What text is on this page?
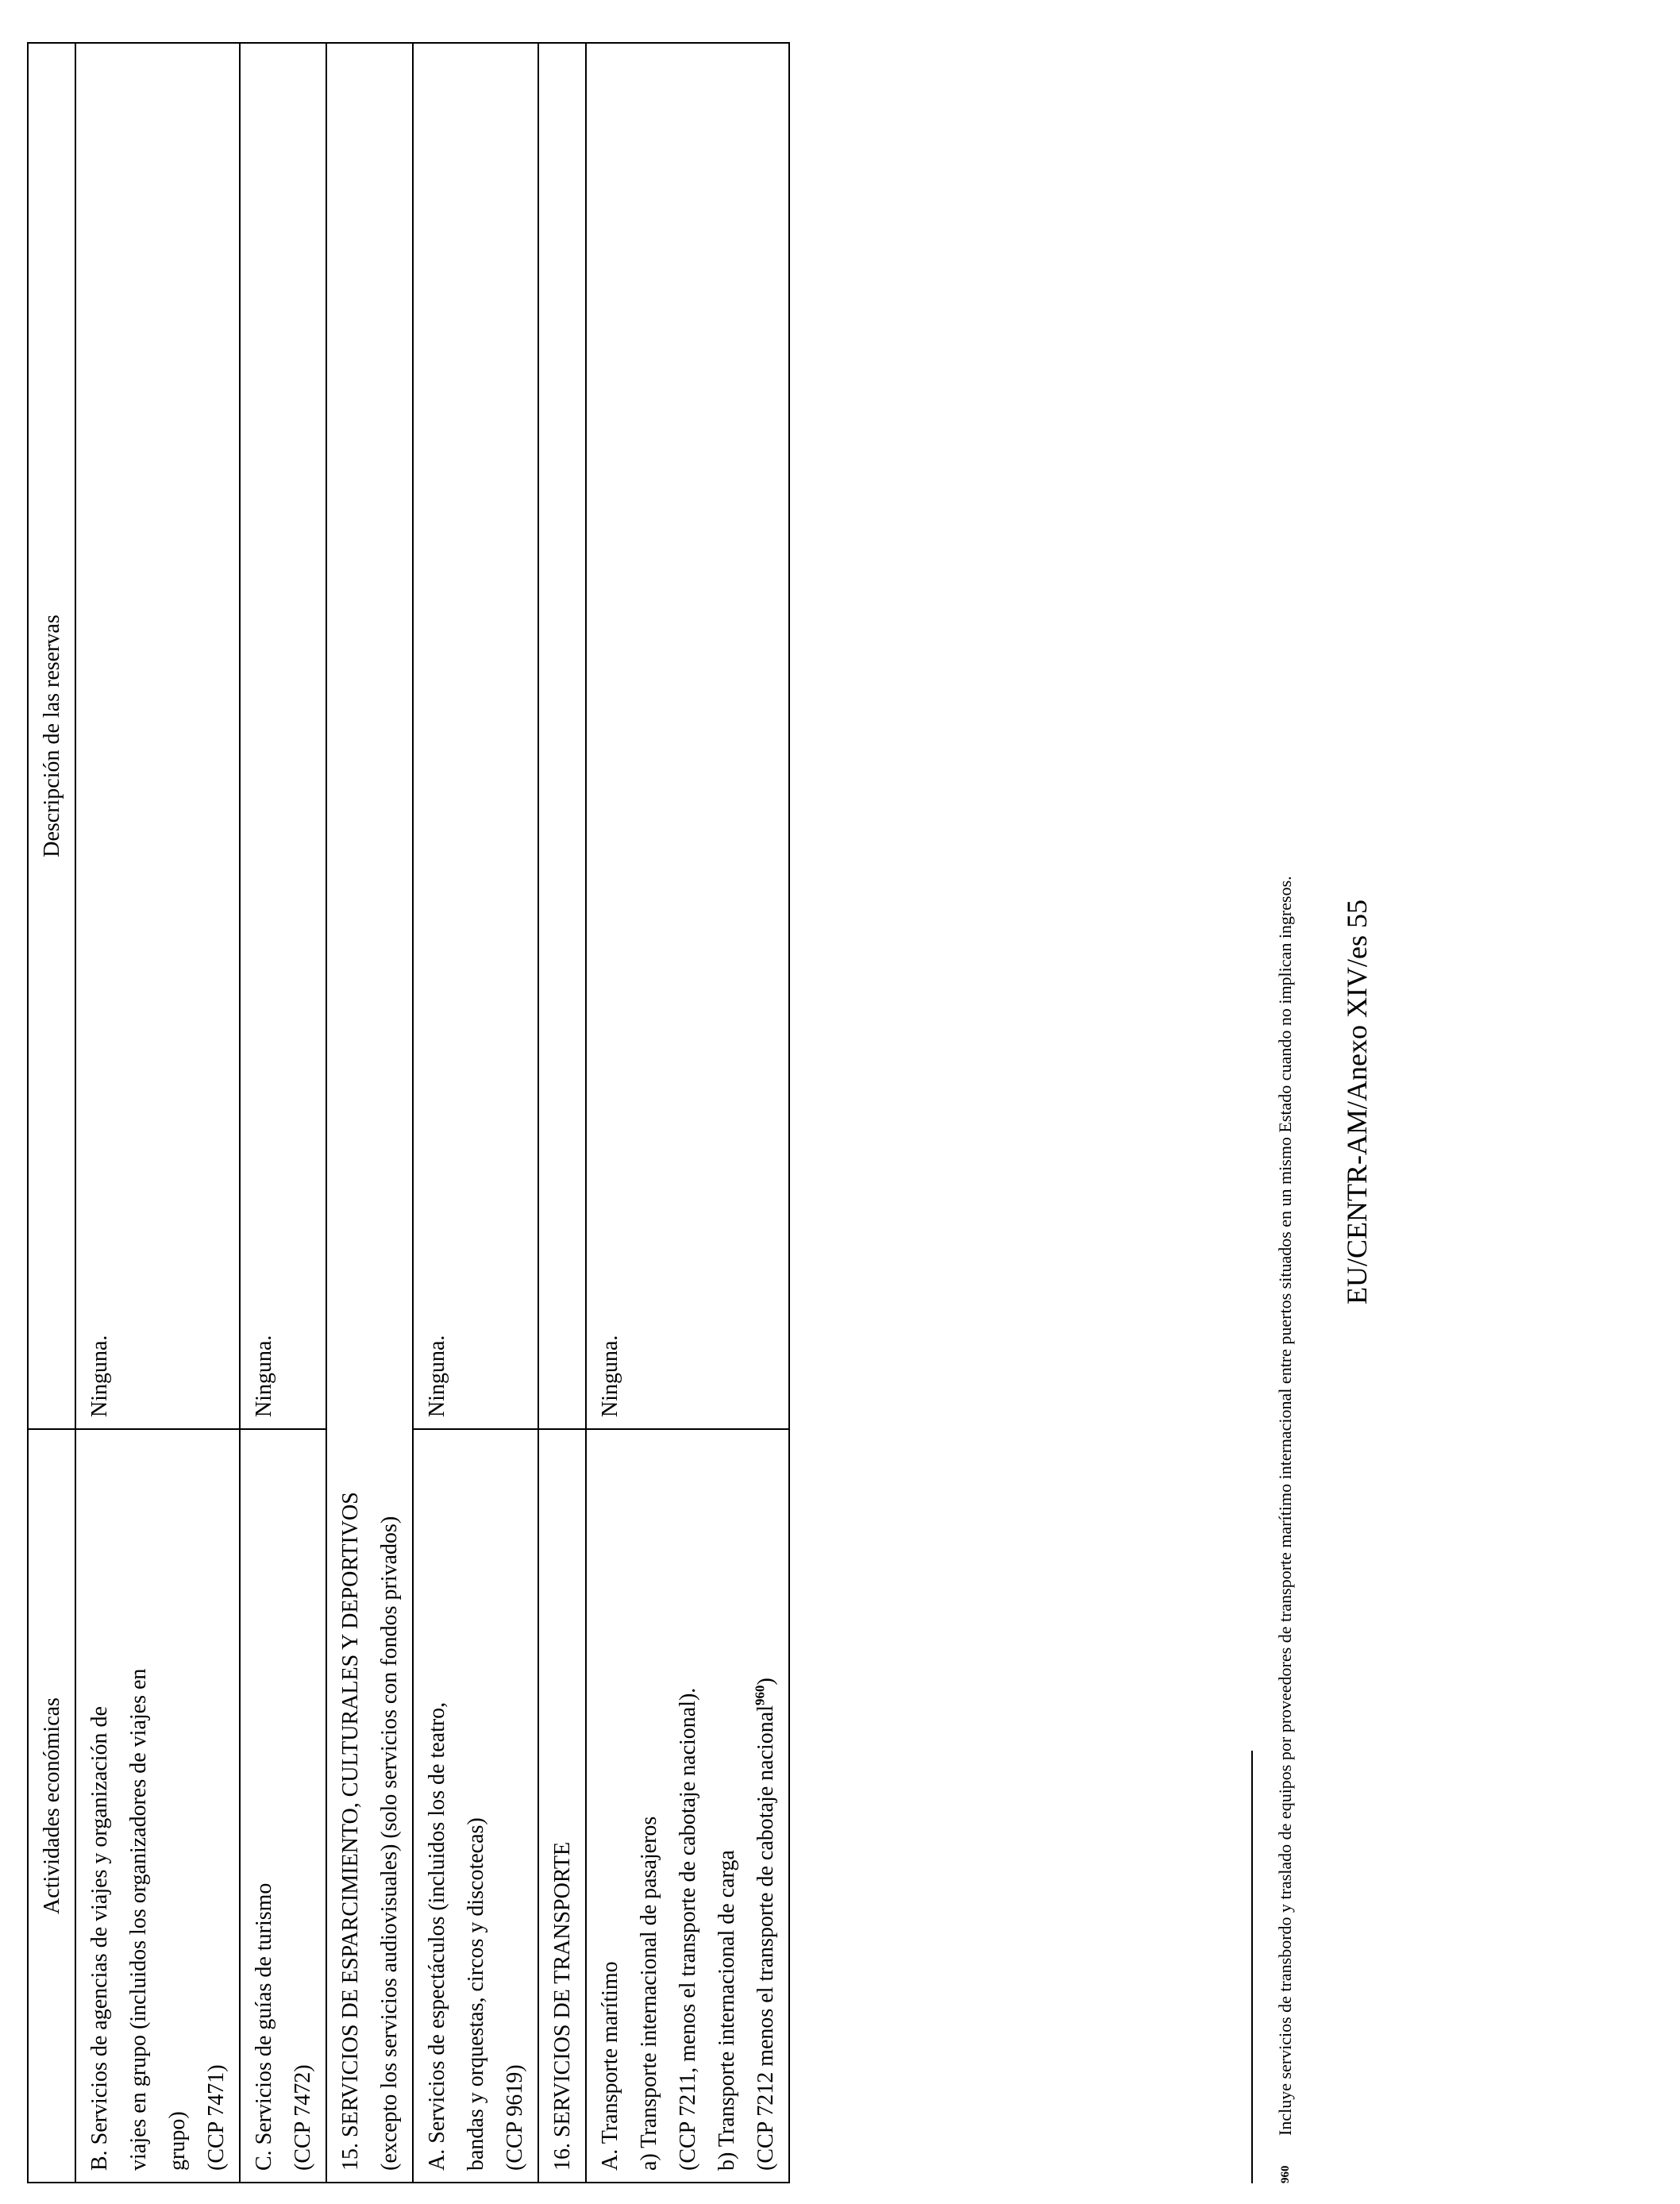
Actividades económicas	Descripción de las reservas

B. Servicios de agencias de viajes y organización de viajes en grupo (incluidos los organizadores de viajes en grupo) (CCP 7471)	Ninguna.

C. Servicios de guías de turismo (CCP 7472)	Ninguna.

15. SERVICIOS DE ESPARCIMIENTO, CULTURALES Y DEPORTIVOS (excepto los servicios audiovisuales) (solo servicios con fondos privados)	

A. Servicios de espectáculos (incluidos los de teatro, bandas y orquestas, circos y discotecas) (CCP 9619)	Ninguna.
16. SERVICIOS DE TRANSPORTE	

A. Transporte marítimo a) Transporte internacional de pasajeros (CCP 7211, menos el transporte de cabotaje nacional). b) Transporte internacional de carga (CCP 7212 menos el transporte de cabotaje nacional$^{960}$)	Ninguna.
EU/CENTR-AM/Anexo XIV/es 55
960Incluye servicios de transbordo y traslado de equipos por proveedores de transporte marítimo internacional entre puertos situados en un mismo Estado cuando no implican ingresos.
